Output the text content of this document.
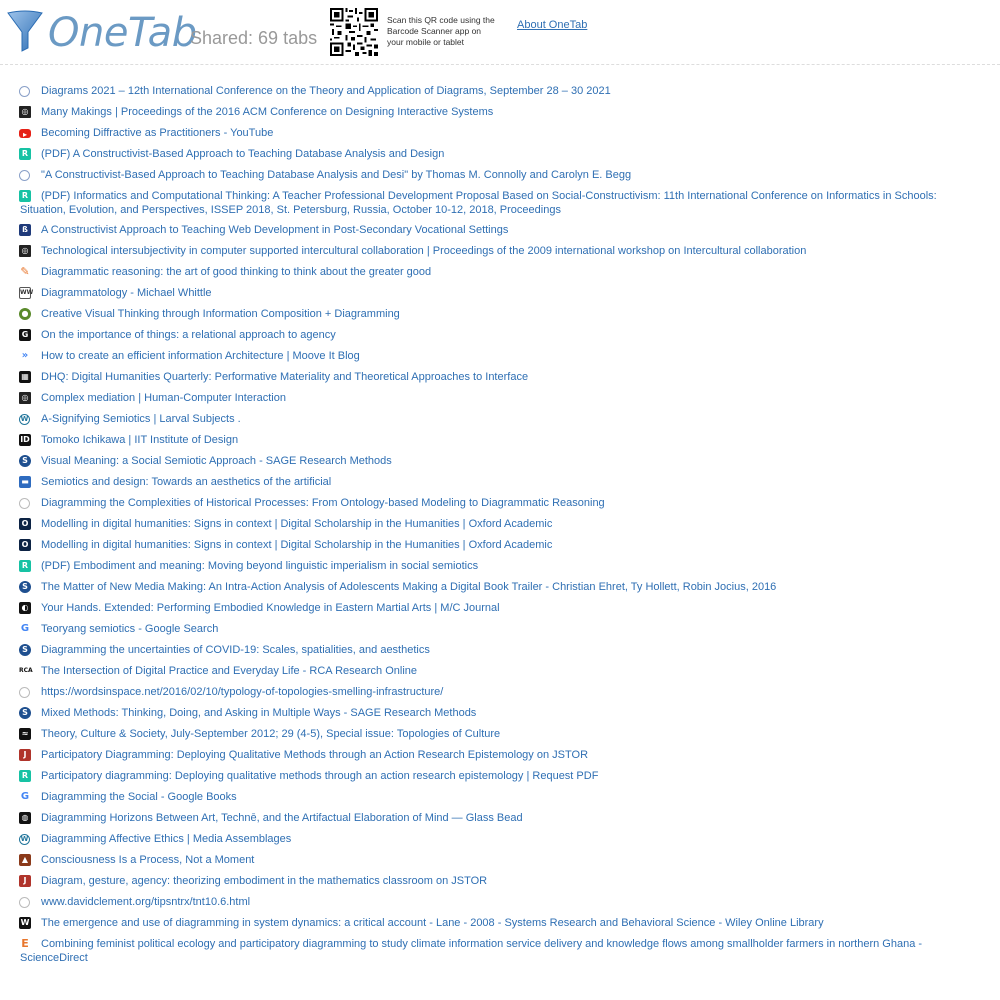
OneTab
Shared: 69 tabs
Scan this QR code using the Barcode Scanner app on your mobile or tablet
About OneTab
Diagrams 2021 – 12th International Conference on the Theory and Application of Diagrams, September 28 – 30 2021
◎ Many Makings | Proceedings of the 2016 ACM Conference on Designing Interactive Systems
▸	Becoming Diffractive as Practitioners - YouTube
R (PDF) A Constructivist-Based Approach to Teaching Database Analysis and Design
"A Constructivist-Based Approach to Teaching Database Analysis and Desi" by Thomas M. Connolly and Carolyn E. Begg
R (PDF) Informatics and Computational Thinking: A Teacher Professional Development Proposal Based on Social-Constructivism: 11th International Conference on Informatics in Schools: Situation, Evolution, and Perspectives, ISSEP 2018, St. Petersburg, Russia, October 10-12, 2018, Proceedings
ß A Constructivist Approach to Teaching Web Development in Post-Secondary Vocational Settings
◎ Technological intersubjectivity in computer supported intercultural collaboration | Proceedings of the 2009 international workshop on Intercultural collaboration
✎ Diagrammatic reasoning: the art of good thinking to think about the greater good
WW Diagrammatology - Michael Whittle
● Creative Visual Thinking through Information Composition + Diagramming
G On the importance of things: a relational approach to agency
» How to create an efficient information Architecture | Moove It Blog
▦ DHQ: Digital Humanities Quarterly: Performative Materiality and Theoretical Approaches to Interface
◎ Complex mediation | Human-Computer Interaction
W A-Signifying Semiotics | Larval Subjects .
ID Tomoko Ichikawa | IIT Institute of Design
S Visual Meaning: a Social Semiotic Approach - SAGE Research Methods
▬ Semiotics and design: Towards an aesthetics of the artificial
Diagramming the Complexities of Historical Processes: From Ontology-based Modeling to Diagrammatic Reasoning
O Modelling in digital humanities: Signs in context | Digital Scholarship in the Humanities | Oxford Academic
O Modelling in digital humanities: Signs in context | Digital Scholarship in the Humanities | Oxford Academic
R (PDF) Embodiment and meaning: Moving beyond linguistic imperialism in social semiotics
S The Matter of New Media Making: An Intra-Action Analysis of Adolescents Making a Digital Book Trailer - Christian Ehret, Ty Hollett, Robin Jocius, 2016
◐ Your Hands. Extended: Performing Embodied Knowledge in Eastern Martial Arts | M/C Journal
G Teoryang semiotics - Google Search
S Diagramming the uncertainties of COVID-19: Scales, spatialities, and aesthetics
RCA The Intersection of Digital Practice and Everyday Life - RCA Research Online
https://wordsinspace.net/2016/02/10/typology-of-topologies-smelling-infrastructure/
S Mixed Methods: Thinking, Doing, and Asking in Multiple Ways - SAGE Research Methods
≈ Theory, Culture & Society, July-September 2012; 29 (4-5), Special issue: Topologies of Culture
J	Participatory Diagramming: Deploying Qualitative Methods through an Action Research Epistemology on JSTOR
R Participatory diagramming: Deploying qualitative methods through an action research epistemology | Request PDF
G Diagramming the Social - Google Books
◍ Diagramming Horizons Between Art, Technē, and the Artifactual Elaboration of Mind — Glass Bead
W Diagramming Affective Ethics | Media Assemblages
▲ Consciousness Is a Process, Not a Moment
J	Diagram, gesture, agency: theorizing embodiment in the mathematics classroom on JSTOR
www.davidclement.org/tipsntrx/tnt10.6.html
W The emergence and use of diagramming in system dynamics: a critical account - Lane - 2008 - Systems Research and Behavioral Science - Wiley Online Library
E Combining feminist political ecology and participatory diagramming to study climate information service delivery and knowledge flows among smallholder farmers in northern Ghana - ScienceDirect
